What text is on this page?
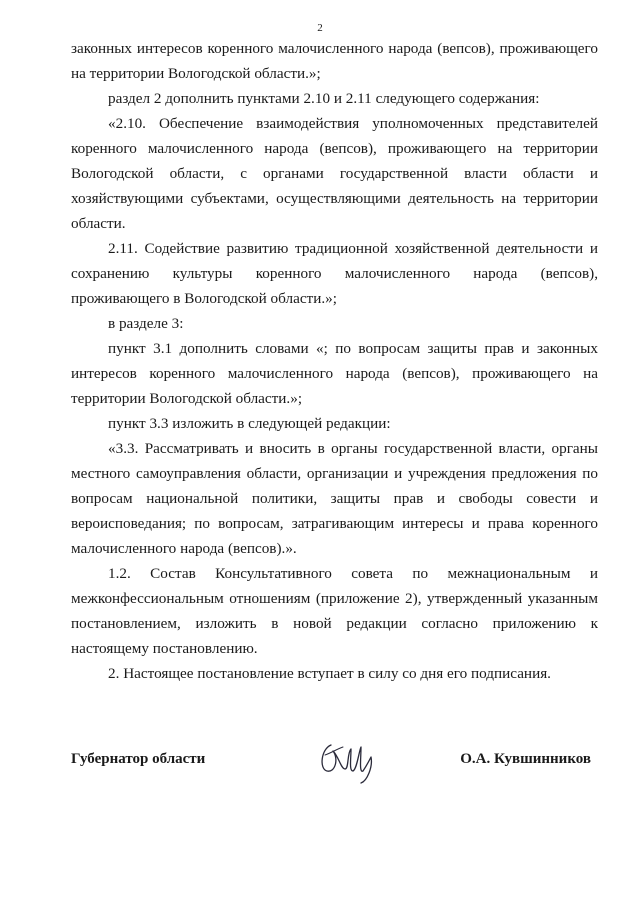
2

законных интересов коренного малочисленного народа (вепсов), проживающего на территории Вологодской области.»;

раздел 2 дополнить пунктами 2.10 и 2.11 следующего содержания:

«2.10. Обеспечение взаимодействия уполномоченных представителей коренного малочисленного народа (вепсов), проживающего на территории Вологодской области, с органами государственной власти области и хозяйствующими субъектами, осуществляющими деятельность на территории области.

2.11. Содействие развитию традиционной хозяйственной деятельности и сохранению культуры коренного малочисленного народа (вепсов), проживающего в Вологодской области.»;

в разделе 3:

пункт 3.1 дополнить словами «; по вопросам защиты прав и законных интересов коренного малочисленного народа (вепсов), проживающего на территории Вологодской области.»;

пункт 3.3 изложить в следующей редакции:

«3.3. Рассматривать и вносить в органы государственной власти, органы местного самоуправления области, организации и учреждения предложения по вопросам национальной политики, защиты прав и свободы совести и вероисповедания; по вопросам, затрагивающим интересы и права коренного малочисленного народа (вепсов).».

1.2. Состав Консультативного совета по межнациональным и межконфессиональным отношениям (приложение 2), утвержденный указанным постановлением, изложить в новой редакции согласно приложению к настоящему постановлению.

2. Настоящее постановление вступает в силу со дня его подписания.

Губернатор области	О.А. Кувшинников
